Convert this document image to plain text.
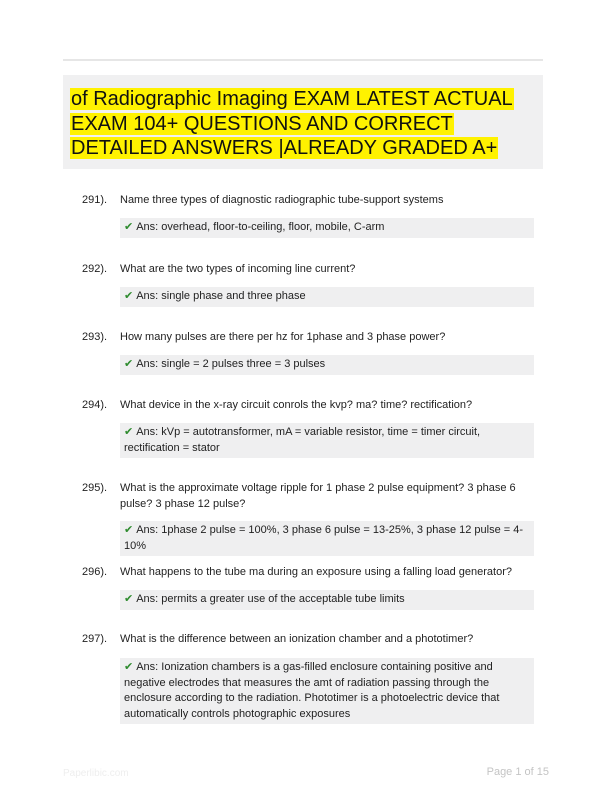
of Radiographic Imaging EXAM LATEST ACTUAL EXAM 104+ QUESTIONS AND CORRECT DETAILED ANSWERS |ALREADY GRADED A+
291). Name three types of diagnostic radiographic tube-support systems
✔ Ans: overhead, floor-to-ceiling, floor, mobile, C-arm
292). What are the two types of incoming line current?
✔ Ans: single phase and three phase
293). How many pulses are there per hz for 1phase and 3 phase power?
✔ Ans: single = 2 pulses three = 3 pulses
294). What device in the x-ray circuit conrols the kvp? ma? time? rectification?
✔ Ans: kVp = autotransformer, mA = variable resistor, time = timer circuit, rectification = stator
295). What is the approximate voltage ripple for 1 phase 2 pulse equipment? 3 phase 6 pulse? 3 phase 12 pulse?
✔ Ans: 1phase 2 pulse = 100%, 3 phase 6 pulse = 13-25%, 3 phase 12 pulse = 4-10%
296). What happens to the tube ma during an exposure using a falling load generator?
✔ Ans: permits a greater use of the acceptable tube limits
297). What is the difference between an ionization chamber and a phototimer?
✔ Ans: Ionization chambers is a gas-filled enclosure containing positive and negative electrodes that measures the amt of radiation passing through the enclosure according to the radiation. Phototimer is a photoelectric device that automatically controls photographic exposures
Paperlibic.com	Page 1 of 15
